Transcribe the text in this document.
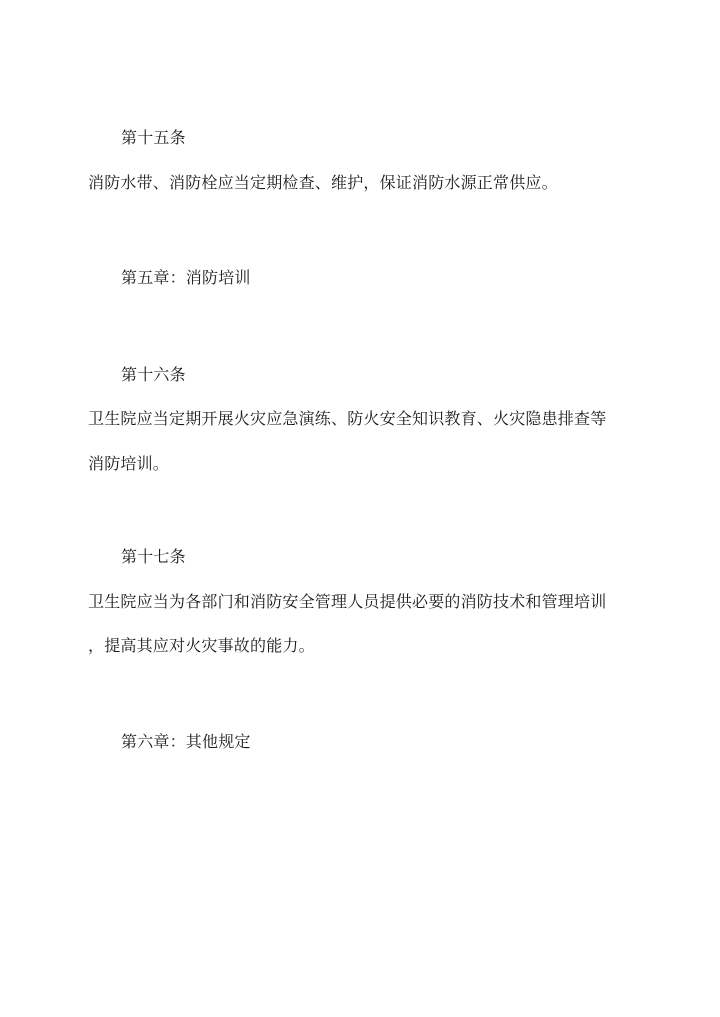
第十五条
消防水带、消防栓应当定期检查、维护，保证消防水源正常供应。
第五章：消防培训
第十六条
卫生院应当定期开展火灾应急演练、防火安全知识教育、火灾隐患排查等
消防培训。
第十七条
卫生院应当为各部门和消防安全管理人员提供必要的消防技术和管理培训
，提高其应对火灾事故的能力。
第六章：其他规定
